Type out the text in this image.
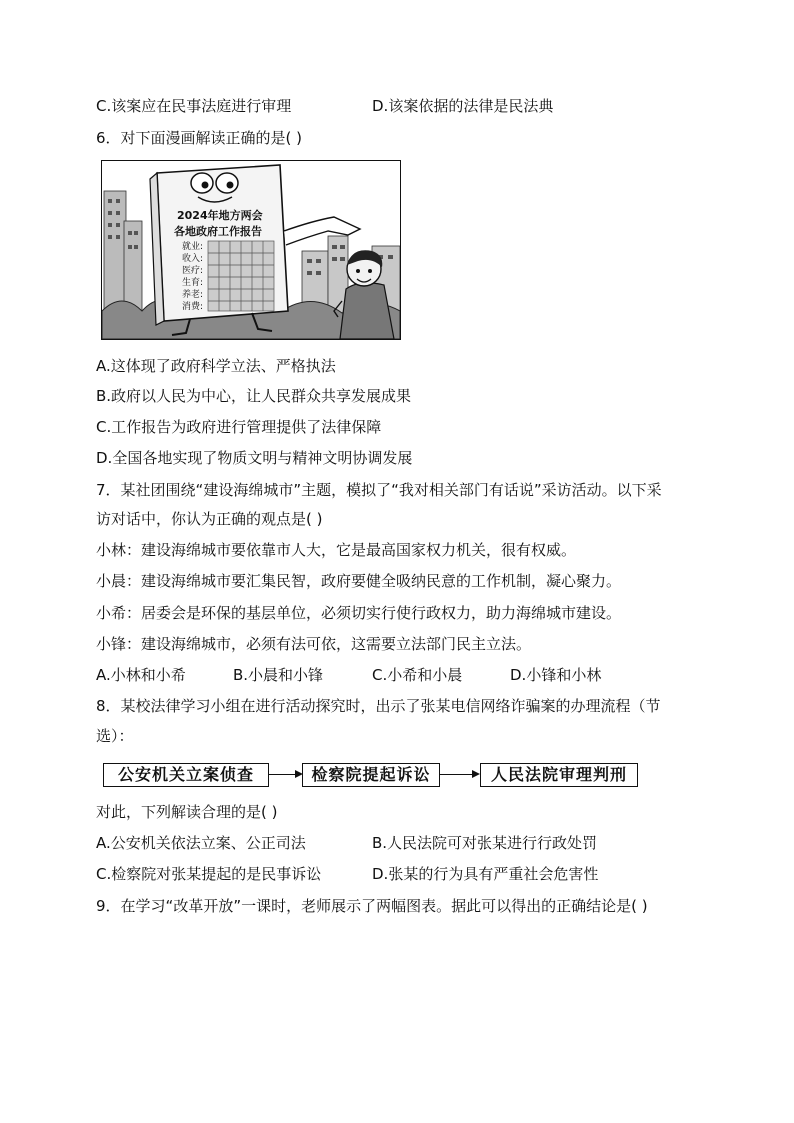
C.该案应在民事法庭进行审理	D.该案依据的法律是民法典
6．对下面漫画解读正确的是( )
2024年地方两会
各地政府工作报告
就业:
收入:
医疗:
生育:
养老:
消费:
A.这体现了政府科学立法、严格执法
B.政府以人民为中心，让人民群众共享发展成果
C.工作报告为政府进行管理提供了法律保障
D.全国各地实现了物质文明与精神文明协调发展
7．某社团围绕“建设海绵城市”主题，模拟了“我对相关部门有话说”采访活动。以下采
访对话中，你认为正确的观点是( )
小林：建设海绵城市要依靠市人大，它是最高国家权力机关，很有权威。
小晨：建设海绵城市要汇集民智，政府要健全吸纳民意的工作机制，凝心聚力。
小希：居委会是环保的基层单位，必须切实行使行政权力，助力海绵城市建设。
小锋：建设海绵城市，必须有法可依，这需要立法部门民主立法。
A.小林和小希	B.小晨和小锋	C.小希和小晨	D.小锋和小林
8．某校法律学习小组在进行活动探究时，出示了张某电信网络诈骗案的办理流程（节
选）：
公安机关立案侦查	检察院提起诉讼	人民法院审理判刑
对此，下列解读合理的是( )
A.公安机关依法立案、公正司法	B.人民法院可对张某进行行政处罚
C.检察院对张某提起的是民事诉讼	D.张某的行为具有严重社会危害性
9．在学习“改革开放”一课时，老师展示了两幅图表。据此可以得出的正确结论是( )
